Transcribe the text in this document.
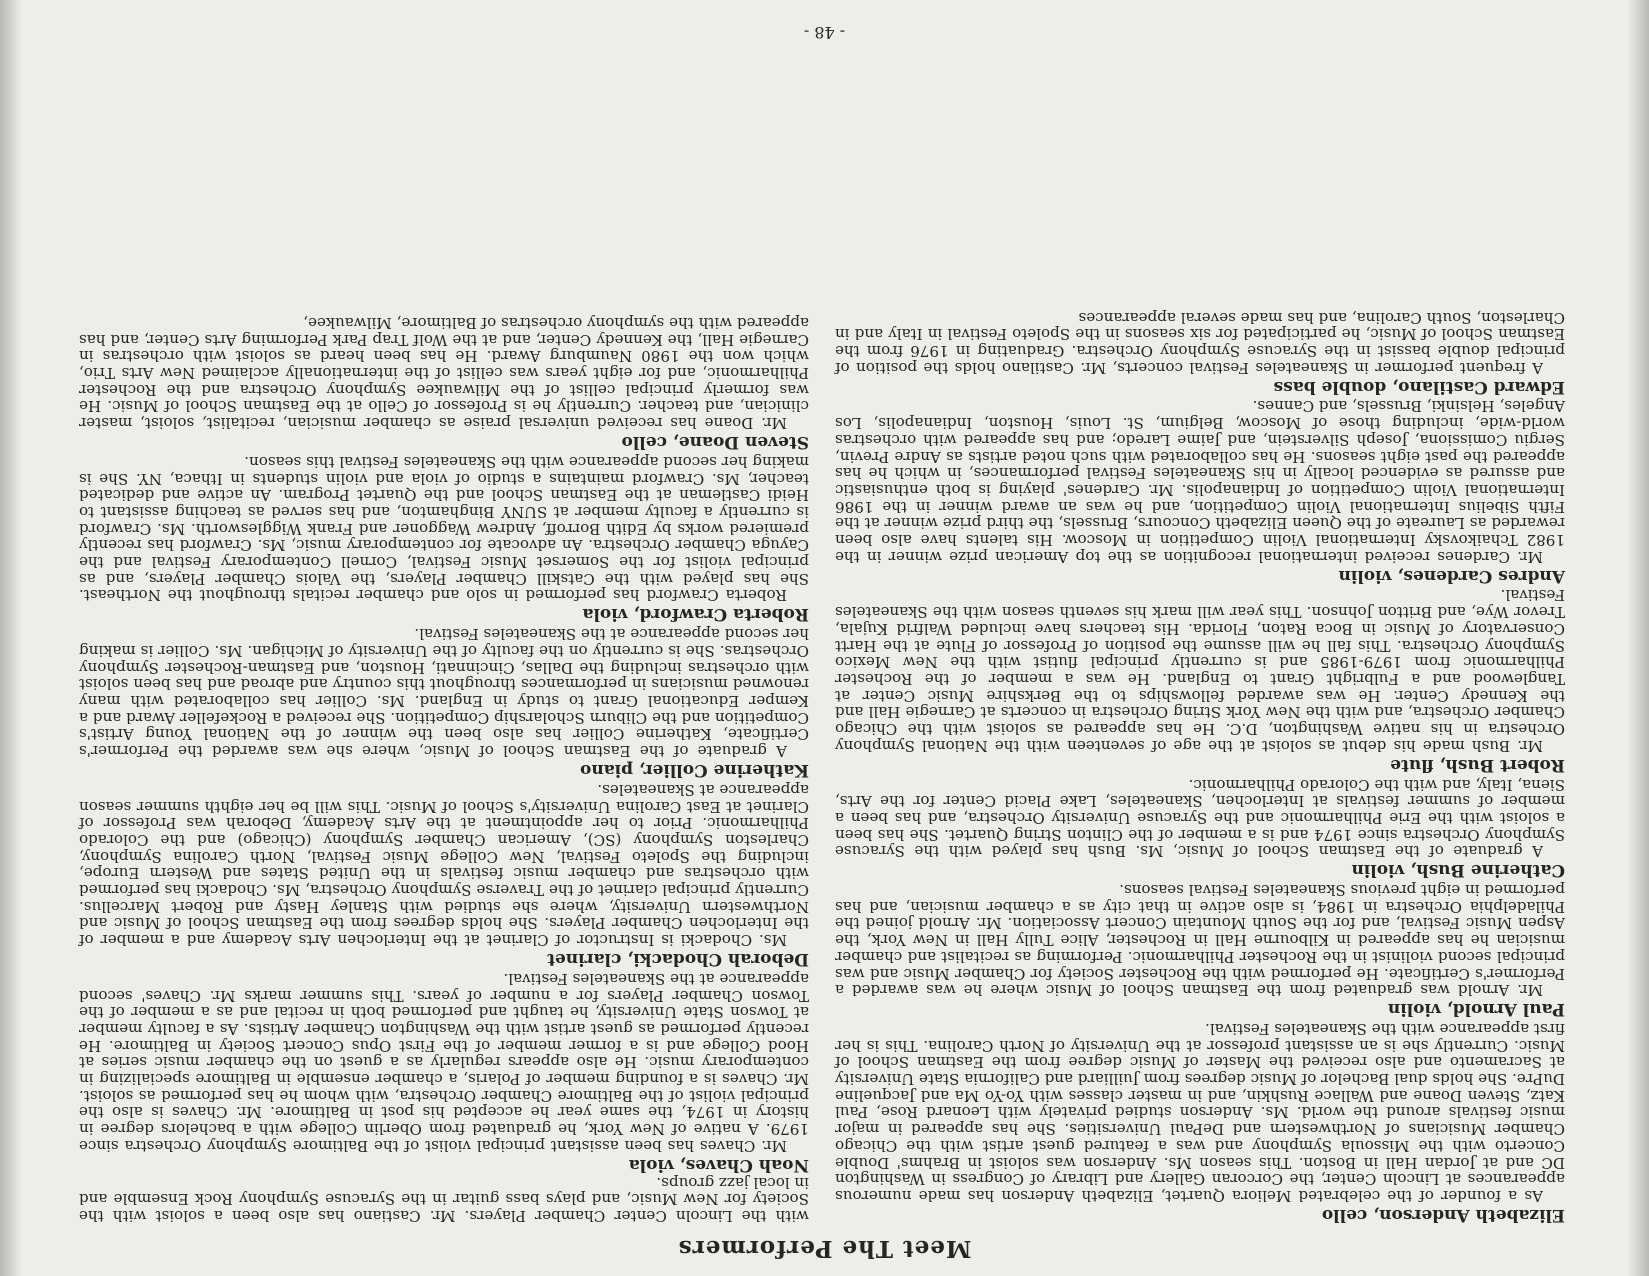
Meet The Performers
Elizabeth Anderson, cello

As a founder of the celebrated Meliora Quartet, Elizabeth Anderson has made numerous appearances at Lincoln Center, the Corcoran Gallery and Library of Congress in Washington DC and at Jordan Hall in Boston. This season Ms. Anderson was soloist in Brahms' Double Concerto with the Missoula Symphony and was a featured guest artist with the Chicago Chamber Musicians of Northwestern and DePaul Universities. She has appeared in major music festivals around the world. Ms. Anderson studied privately with Leonard Rose, Paul Katz, Steven Doane and Wallace Rushkin, and in master classes with Yo-Yo Ma and Jacqueline DuPre. She holds dual Bachelor of Music degrees from Juilliard and California State University at Sacramento and also received the Master of Music degree from the Eastman School of Music. Currently she is an assistant professor at the University of North Carolina. This is her first appearance with the Skaneateles Festival.

Paul Arnold, violin

Mr. Arnold was graduated from the Eastman School of Music where he was awarded a Performer's Certificate. He performed with the Rochester Society for Chamber Music and was principal second violinist in the Rochester Philharmonic. Performing as recitalist and chamber musician he has appeared in Kilbourne Hall in Rochester, Alice Tully Hall in New York, the Aspen Music Festival, and for the South Mountain Concert Association. Mr. Arnold joined the Philadelphia Orchestra in 1984, is also active in that city as a chamber musician, and has performed in eight previous Skaneateles Festival seasons.

Catherine Bush, violin

A graduate of the Eastman School of Music, Ms. Bush has played with the Syracuse Symphony Orchestra since 1974 and is a member of the Clinton String Quartet. She has been a soloist with the Erie Philharmonic and the Syracuse University Orchestra, and has been a member of summer festivals at Interlochen, Skaneateles, Lake Placid Center for the Arts, Siena, Italy, and with the Colorado Philharmonic.

Robert Bush, flute

Mr. Bush made his debut as soloist at the age of seventeen with the National Symphony Orchestra in his native Washington, D.C. He has appeared as soloist with the Chicago Chamber Orchestra, and with the New York String Orchestra in concerts at Carnegie Hall and the Kennedy Center. He was awarded fellowships to the Berkshire Music Center at Tanglewood and a Fulbright Grant to England. He was a member of the Rochester Philharmonic from 1979-1985 and is currently principal flutist with the New Mexico Symphony Orchestra. This fall he will assume the position of Professor of Flute at the Hartt Conservatory of Music in Boca Raton, Florida. His teachers have included Walfrid Kujala, Trevor Wye, and Britton Johnson. This year will mark his seventh season with the Skaneateles Festival.

Andres Cardenes, violin

Mr. Cardenes received international recognition as the top American prize winner in the 1982 Tchaikovsky International Violin Competition in Moscow. His talents have also been rewarded as Laureate of the Queen Elizabeth Concours, Brussels, the third prize winner at the Fifth Sibelius International Violin Competition, and he was an award winner in the 1986 International Violin Competition of Indianapolis. Mr. Cardenes' playing is both enthusiastic and assured as evidenced locally in his Skaneateles Festival performances, in which he has appeared the past eight seasons. He has collaborated with such noted artists as Andre Previn, Sergiu Comissiona, Joseph Silverstein, and Jaime Laredo; and has appeared with orchestras world-wide, including those of Moscow, Belgium, St. Louis, Houston, Indianapolis, Los Angeles, Helsinki, Brussels, and Cannes.

Edward Castilano, double bass

A frequent performer in Skaneateles Festival concerts, Mr. Castilano holds the position of principal double bassist in the Syracuse Symphony Orchestra. Graduating in 1976 from the Eastman School of Music, he participated for six seasons in the Spoleto Festival in Italy and in Charleston, South Carolina, and has made several appearances

with the Lincoln Center Chamber Players. Mr. Castiano has also been a soloist with the Society for New Music, and plays bass guitar in the Syracuse Symphony Rock Ensemble and in local jazz groups.

Noah Chaves, viola

Mr. Chaves has been assistant principal violist of the Baltimore Symphony Orchestra since 1979. A native of New York, he graduated from Oberlin College with a bachelors degree in history in 1974, the same year he accepted his post in Baltimore. Mr. Chaves is also the principal violist of the Baltimore Chamber Orchestra, with whom he has performed as soloist. Mr. Chaves is a founding member of Polaris, a chamber ensemble in Baltimore specializing in contemporary music. He also appears regularly as a guest on the chamber music series at Hood College and is a former member of the First Opus Concert Society in Baltimore. He recently performed as guest artist with the Washington Chamber Artists. As a faculty member at Towson State University, he taught and performed both in recital and as a member of the Towson Chamber Players for a number of years. This summer marks Mr. Chaves' second appearance at the Skaneateles Festival.

Deborah Chodacki, clarinet

Ms. Chodacki is Instructor of Clarinet at the Interlochen Arts Academy and a member of the Interlochen Chamber Players. She holds degrees from the Eastman School of Music and Northwestern University, where she studied with Stanley Hasty and Robert Marcellus. Currently principal clarinet of the Traverse Symphony Orchestra, Ms. Chodacki has performed with orchestras and chamber music festivals in the United States and Western Europe, including the Spoleto Festival, New College Music Festival, North Carolina Symphony, Charleston Symphony (SC), American Chamber Symphony (Chicago) and the Colorado Philharmonic. Prior to her appointment at the Arts Academy, Deborah was Professor of Clarinet at East Carolina University's School of Music. This will be her eighth summer season appearance at Skaneateles.

Katherine Collier, piano

A graduate of the Eastman School of Music, where she was awarded the Performer's Certificate, Katherine Collier has also been the winner of the National Young Artist's Competition and the Cliburn Scholarship Competition. She received a Rockefeller Award and a Kemper Educational Grant to study in England. Ms. Collier has collaborated with many renowned musicians in performances throughout this country and abroad and has been soloist with orchestras including the Dallas, Cincinnati, Houston, and Eastman-Rochester Symphony Orchestras. She is currently on the faculty of the University of Michigan. Ms. Collier is making her second appearance at the Skaneateles Festival.

Roberta Crawford, viola

Roberta Crawford has performed in solo and chamber recitals throughout the Northeast. She has played with the Catskill Chamber Players, the Valois Chamber Players, and as principal violist for the Somerset Music Festival, Cornell Contemporary Festival and the Cayuga Chamber Orchestra. An advocate for contemporary music, Ms. Crawford has recently premiered works by Edith Borroff, Andrew Waggoner and Frank Wigglesworth. Ms. Crawford is currently a faculty member at SUNY Binghamton, and has served as teaching assistant to Heidi Castleman at the Eastman School and the Quartet Program. An active and dedicated teacher, Ms. Crawford maintains a studio of viola and violin students in Ithaca, NY. She is making her second appearance with the Skaneateles Festival this season.

Steven Doane, cello

Mr. Doane has received universal praise as chamber musician, recitalist, soloist, master clinician, and teacher. Currently he is Professor of Cello at the Eastman School of Music. He was formerly principal cellist of the Milwaukee Symphony Orchestra and the Rochester Philharmonic, and for eight years was cellist of the internationally acclaimed New Arts Trio, which won the 1980 Naumburg Award. He has been heard as soloist with orchestras in Carnegie Hall, the Kennedy Center, and at the Wolf Trap Park Performing Arts Center, and has appeared with the symphony orchestras of Baltimore, Milwaukee,

- 48 -
